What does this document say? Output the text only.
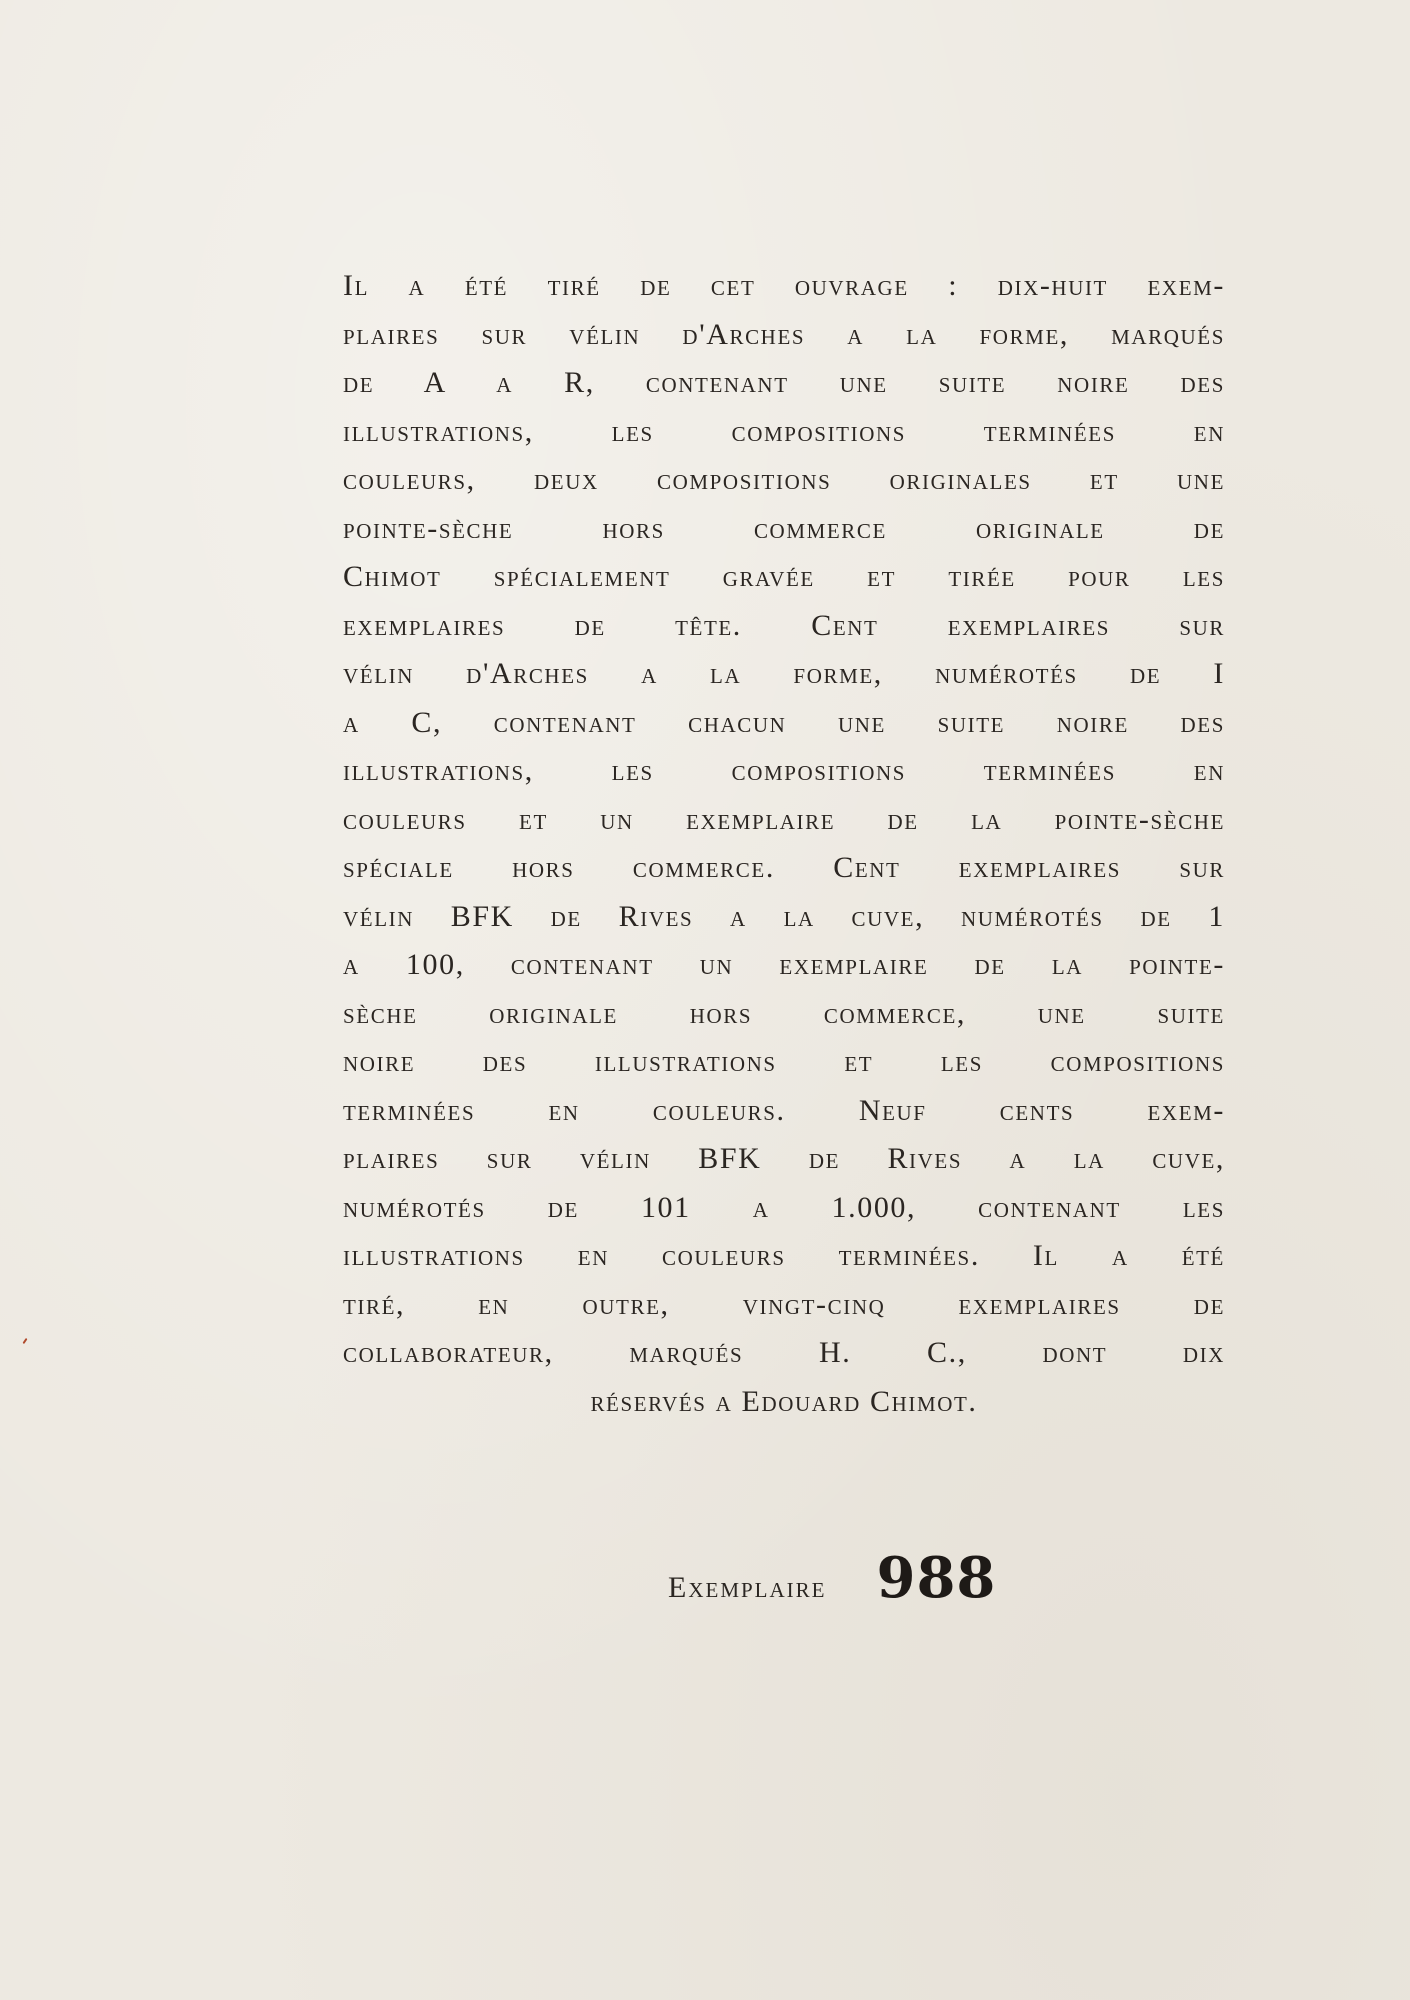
Il a été tiré de cet ouvrage : dix-huit exem-
plaires sur vélin d'Arches a la forme, marqués
de A a R, contenant une suite noire des
illustrations, les compositions terminées en
couleurs, deux compositions originales et une
pointe-sèche hors commerce originale de
Chimot spécialement gravée et tirée pour les
exemplaires de tête. Cent exemplaires sur
vélin d'Arches a la forme, numérotés de I
a C, contenant chacun une suite noire des
illustrations, les compositions terminées en
couleurs et un exemplaire de la pointe-sèche
spéciale hors commerce. Cent exemplaires sur
vélin BFK de Rives a la cuve, numérotés de 1
a 100, contenant un exemplaire de la pointe-
sèche originale hors commerce, une suite
noire des illustrations et les compositions
terminées en couleurs. Neuf cents exem-
plaires sur vélin BFK de Rives a la cuve,
numérotés de 101 a 1.000, contenant les
illustrations en couleurs terminées. Il a été
tiré, en outre, vingt-cinq exemplaires de
collaborateur, marqués H. C., dont dix
réservés a Edouard Chimot.
Exemplaire 988
